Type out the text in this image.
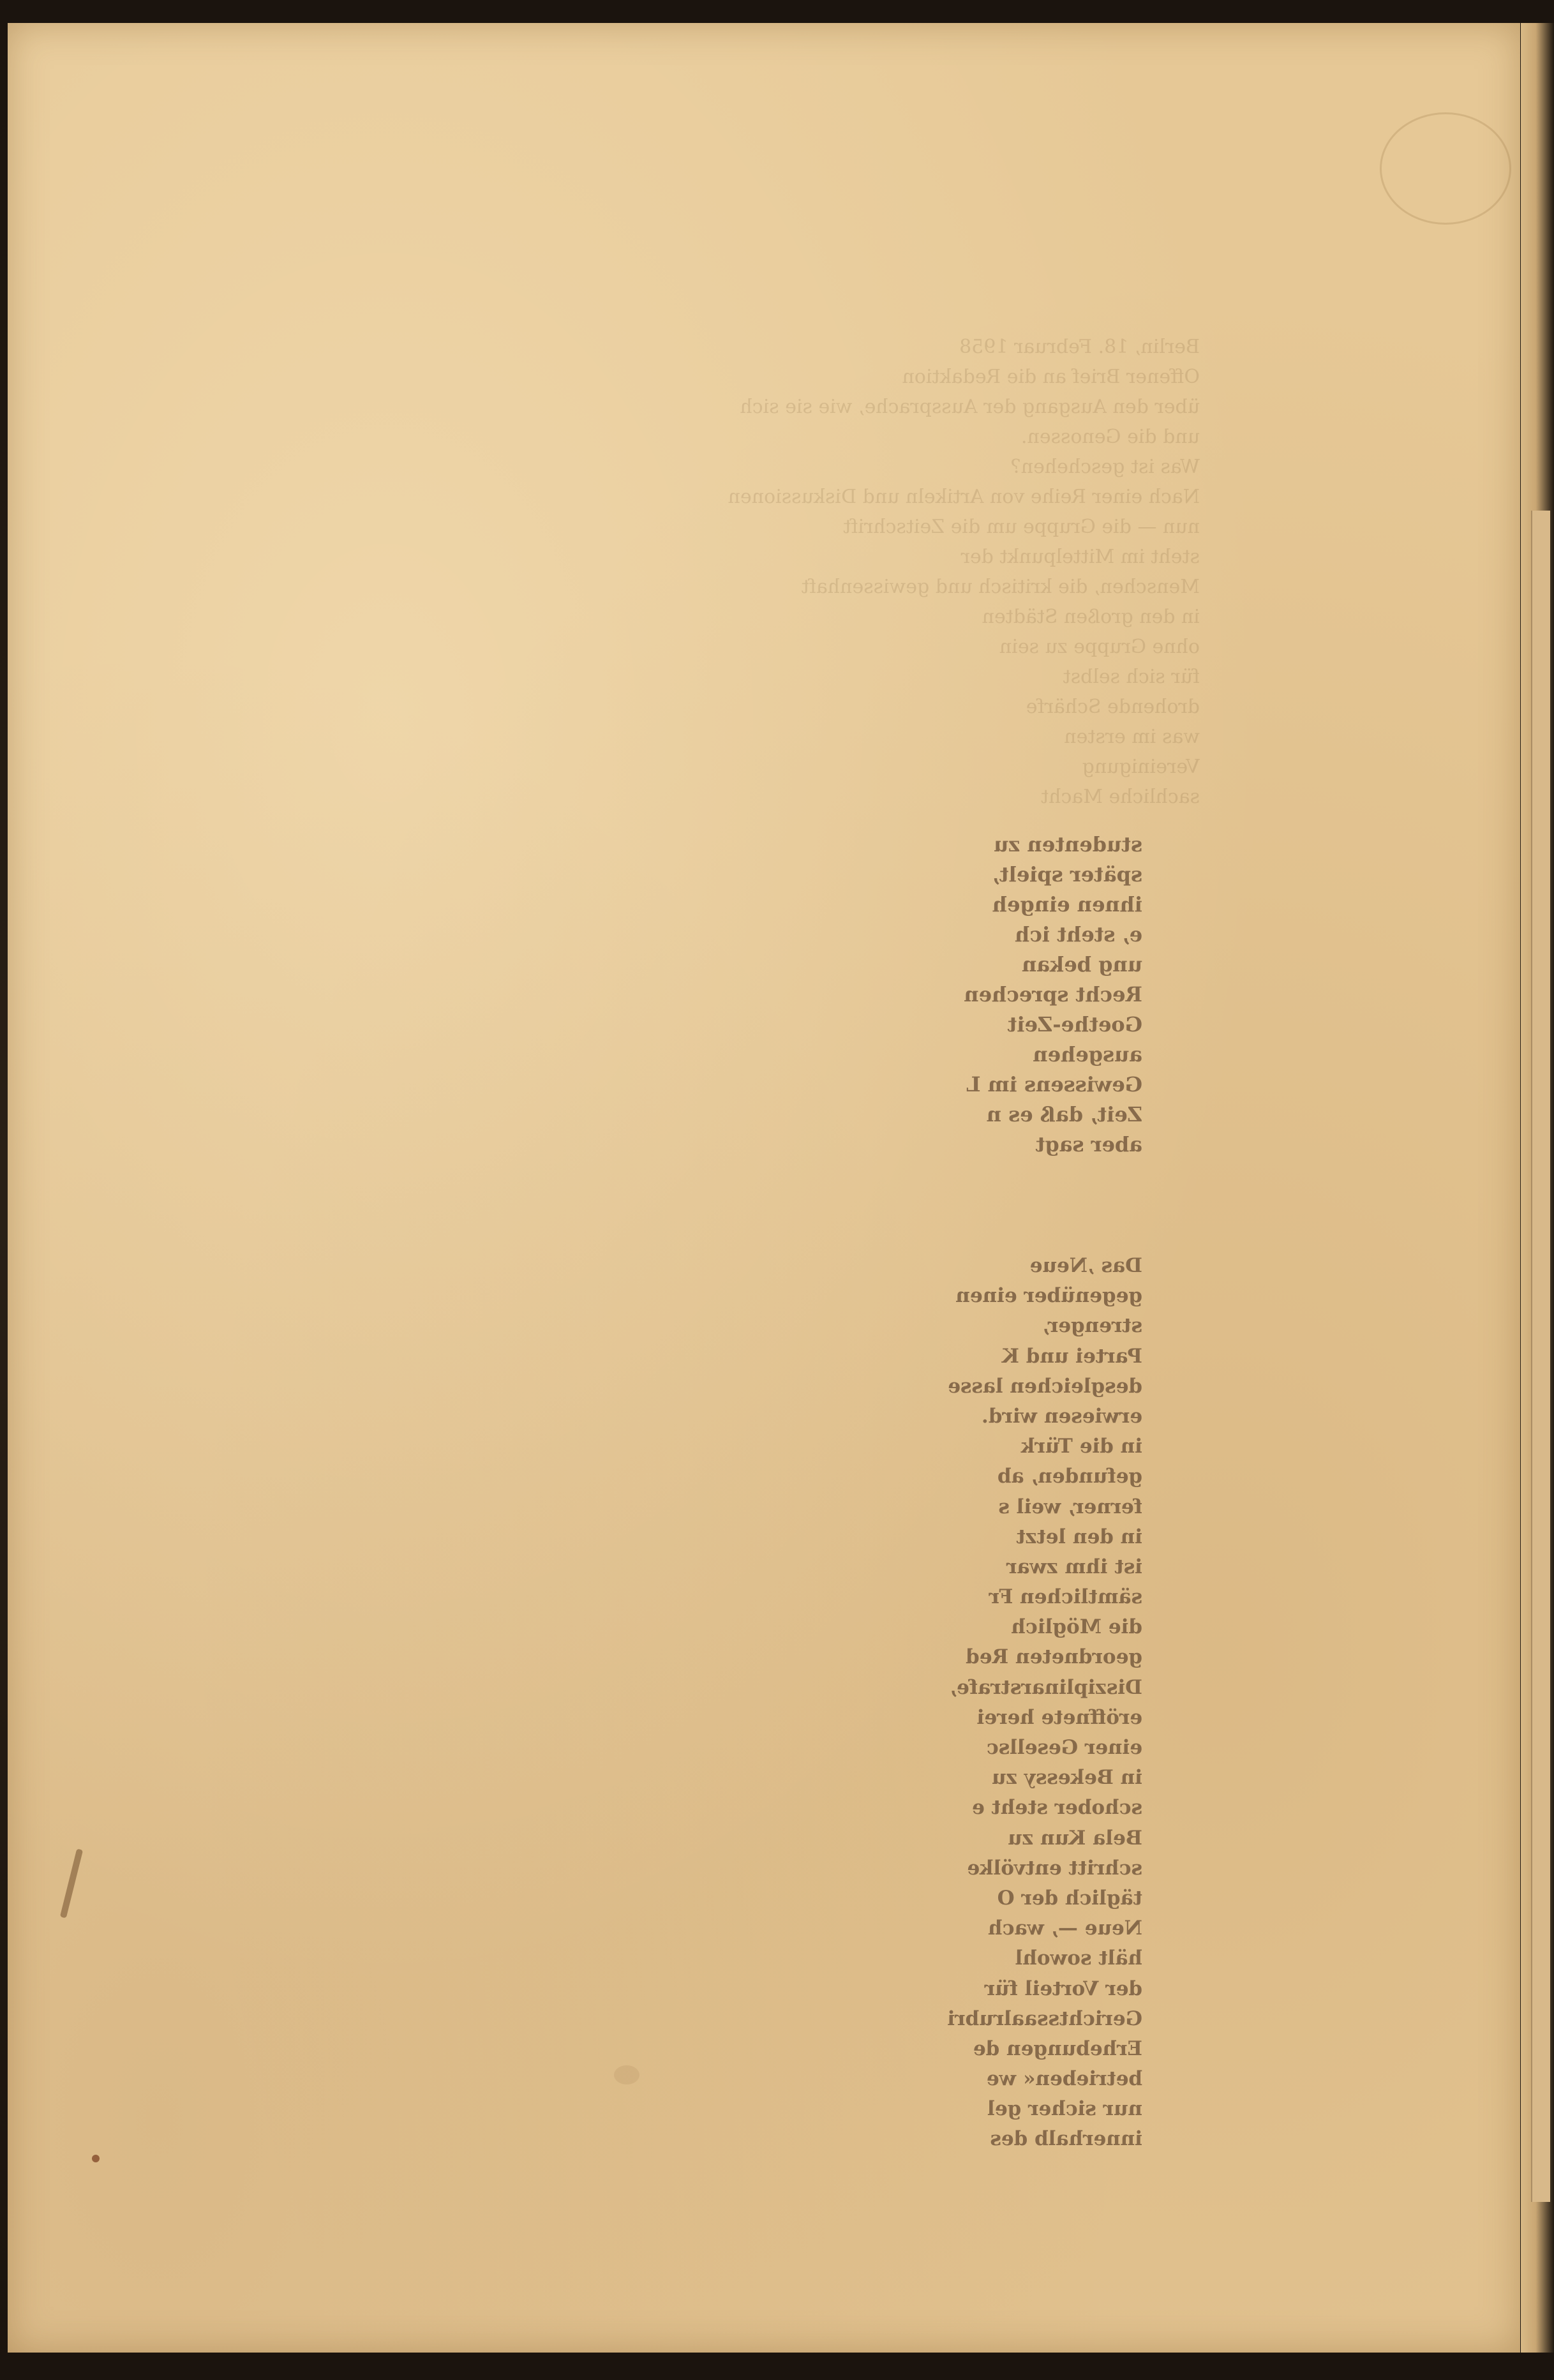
Berlin, 18. Februar 1958
Offener Brief an die Redaktion
über den Ausgang der Aussprache, wie sie sich
und die Genossen.
Was ist geschehen?
Nach einer Reihe von Artikeln und Diskussionen
nun — die Gruppe um die Zeitschrift
steht im Mittelpunkt der
Menschen, die kritisch und gewissenhaft
in den großen Städten
ohne Gruppe zu sein
für sich selbst
drohende Schärfe
was im ersten
Vereinigung
sachliche Macht
studenten zu
später spielt,
ihnen eingeh
e, steht ich
ung bekan
Recht sprechen
Goethe-Zeit
ausgehen
Gewissens im L
Zeit, daß es n
aber sagt
Das ‚Neue
gegenüber einen
strenger,
Partei und K
desgleichen lasse
erwiesen wird.
in die Türk
gefunden, ab
ferner, weil s
in den letzt
ist ihm zwar
sämtlichen Fr
die Möglich
geordneten Red
Disziplinarstrafe,
eröffnete herei
einer Gesellsc
in Bekessy zu
schober steht e
Bela Kun zu
schritt entvölke
täglich der O
Neue —, wach
hält sowohl
der Vorteil für
Gerichtssaalrubri
Erhebungen de
betrieben« we
nur sicher gel
innerhalb des
